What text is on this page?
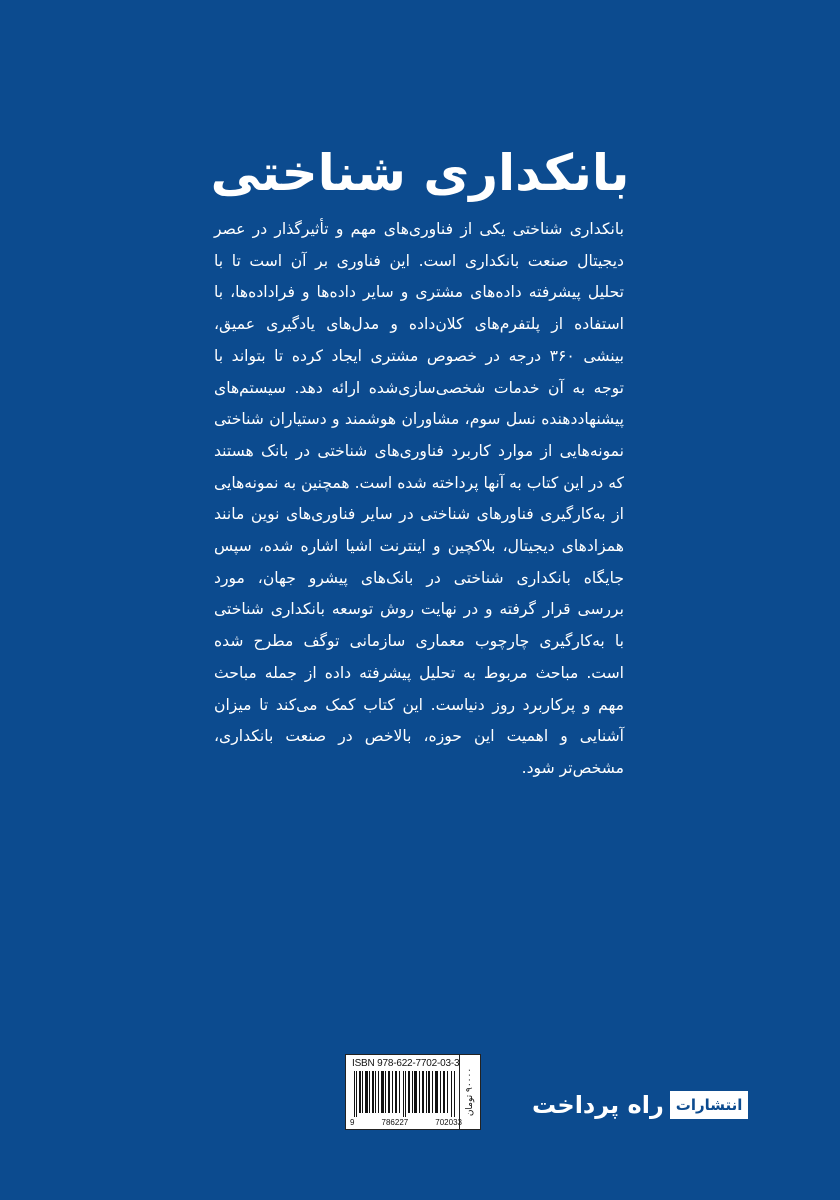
بانکداری شناختی
بانکداری شناختی یکی از فناوری‌های مهم و تأثیرگذار در عصر
دیجیتال صنعت بانکداری است. این فناوری بر آن است تا با
تحلیل پیشرفته داده‌های مشتری و سایر داده‌ها و فراداده‌ها، با
استفاده از پلتفرم‌های کلان‌داده و مدل‌های یادگیری عمیق،
بینشی ۳۶۰ درجه در خصوص مشتری ایجاد کرده تا بتواند با
توجه به آن خدمات شخصی‌سازی‌شده ارائه دهد. سیستم‌های
پیشنهاددهنده نسل سوم، مشاوران هوشمند و دستیاران شناختی
نمونه‌هایی از موارد کاربرد فناوری‌های شناختی در بانک هستند
که در این کتاب به آنها پرداخته شده است. همچنین به نمونه‌هایی
از به‌کارگیری فناورهای شناختی در سایر فناوری‌های نوین مانند
همزادهای دیجیتال، بلاکچین و اینترنت اشیا اشاره شده، سپس
جایگاه بانکداری شناختی در بانک‌های پیشرو جهان، مورد
بررسی قرار گرفته و در نهایت روش توسعه بانکداری شناختی
با به‌کارگیری چارچوب معماری سازمانی توگف مطرح شده
است. مباحث مربوط به تحلیل پیشرفته داده از جمله مباحث
مهم و پرکاربرد روز دنیاست. این کتاب کمک می‌کند تا میزان
آشنایی و اهمیت این حوزه، بالاخص در صنعت بانکداری،
مشخص‌تر شود.
ISBN 978-622-7702-03-3
9	786227	702033
۹۰۰۰۰ تومان
انتشارات
راه پرداخت
